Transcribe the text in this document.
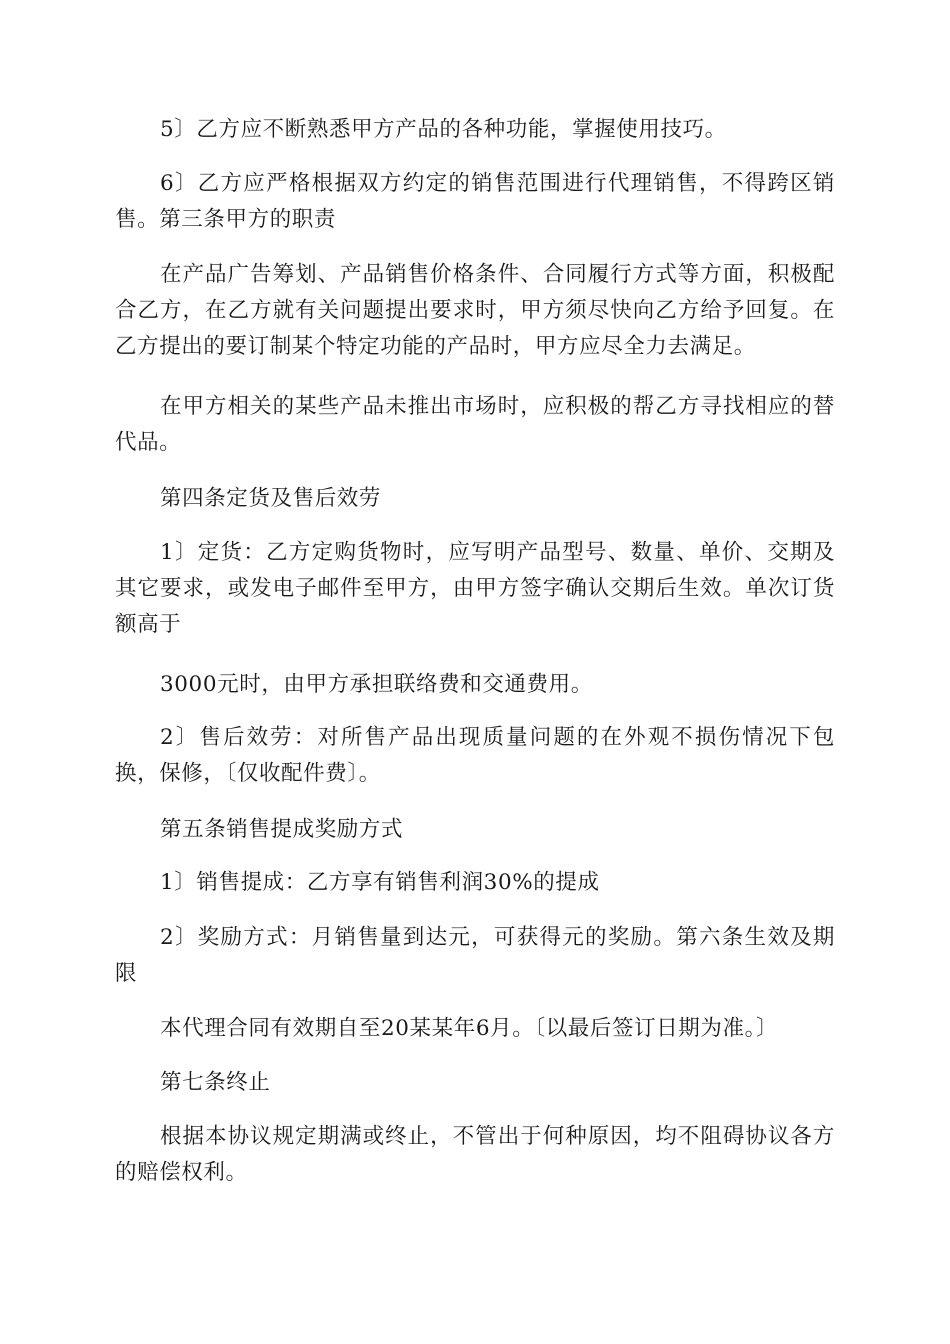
5〕乙方应不断熟悉甲方产品的各种功能，掌握使用技巧。

6〕乙方应严格根据双方约定的销售范围进行代理销售，不得跨区销售。第三条甲方的职责

在产品广告筹划、产品销售价格条件、合同履行方式等方面，积极配合乙方，在乙方就有关问题提出要求时，甲方须尽快向乙方给予回复。在乙方提出的要订制某个特定功能的产品时，甲方应尽全力去满足。

在甲方相关的某些产品未推出市场时，应积极的帮乙方寻找相应的替代品。

第四条定货及售后效劳

1〕定货：乙方定购货物时，应写明产品型号、数量、单价、交期及其它要求，或发电子邮件至甲方，由甲方签字确认交期后生效。单次订货额高于

3000元时，由甲方承担联络费和交通费用。

2〕售后效劳：对所售产品出现质量问题的在外观不损伤情况下包换，保修，〔仅收配件费〕。

第五条销售提成奖励方式

1〕销售提成：乙方享有销售利润30%的提成

2〕奖励方式：月销售量到达元，可获得元的奖励。第六条生效及期限

本代理合同有效期自至20某某年6月。〔以最后签订日期为准。〕

第七条终止

根据本协议规定期满或终止，不管出于何种原因，均不阻碍协议各方的赔偿权利。
